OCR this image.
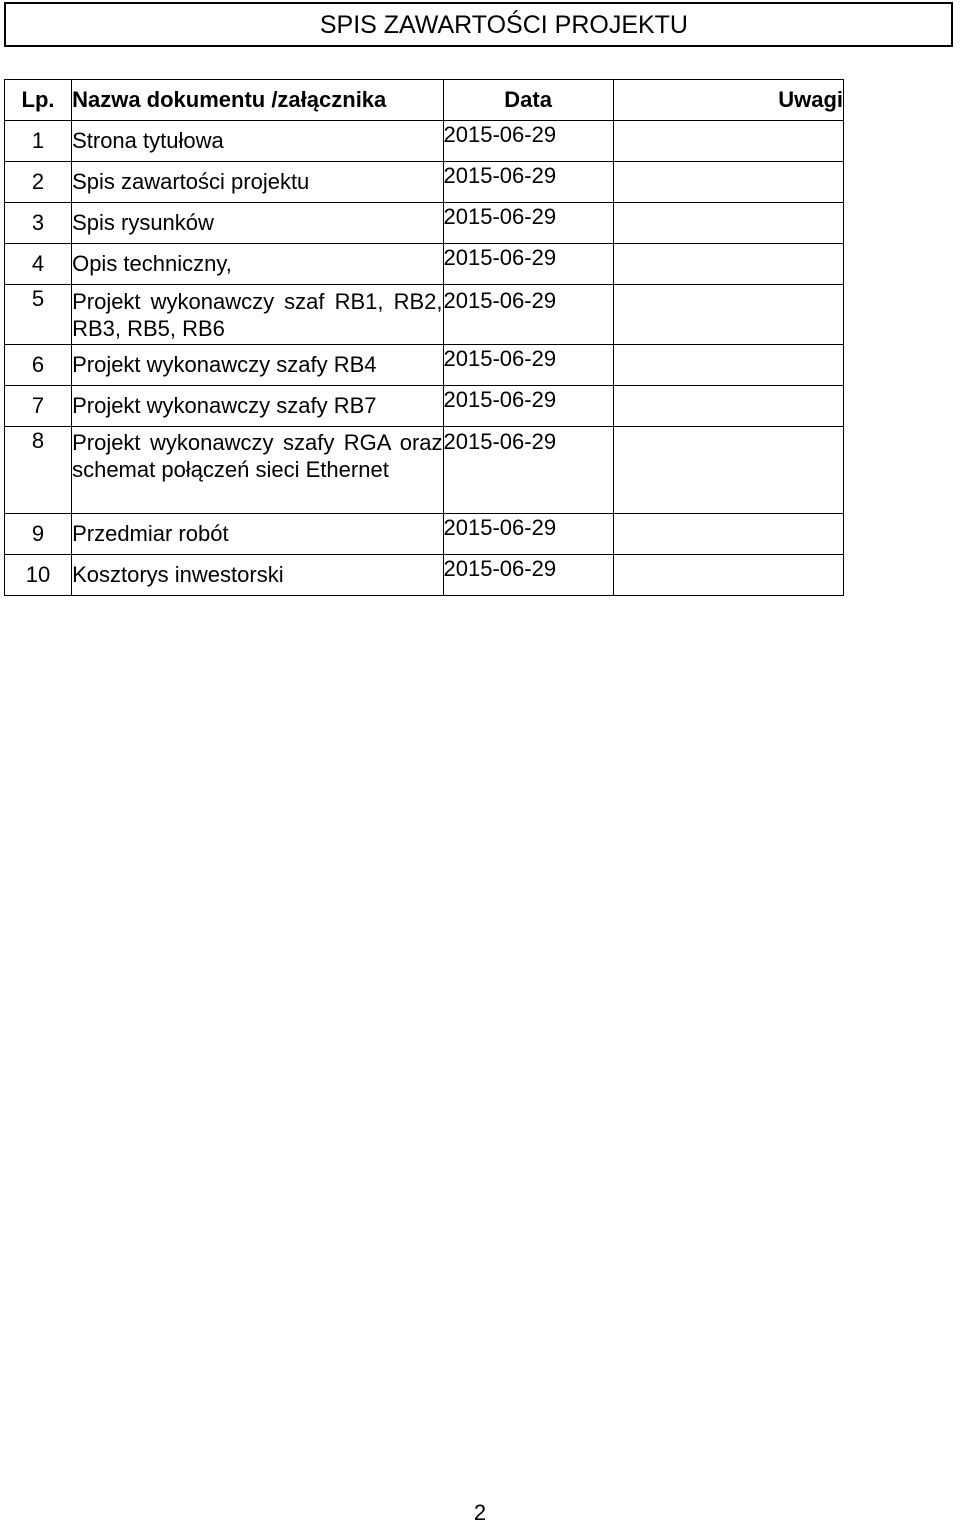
SPIS ZAWARTOŚCI PROJEKTU
Lp.	Nazwa dokumentu /załącznika	Data	Uwagi
1	Strona tytułowa	2015-06-29	
2	Spis zawartości projektu	2015-06-29	
3	Spis rysunków	2015-06-29	
4	Opis techniczny,	2015-06-29	
5	Projekt wykonawczy szaf RB1, RB2, RB3, RB5, RB6	2015-06-29	
6	Projekt wykonawczy szafy RB4	2015-06-29	
7	Projekt wykonawczy szafy RB7	2015-06-29	
8	Projekt wykonawczy szafy RGA oraz schemat połączeń sieci Ethernet	2015-06-29	
9	Przedmiar robót	2015-06-29	
10	Kosztorys inwestorski	2015-06-29	
2
